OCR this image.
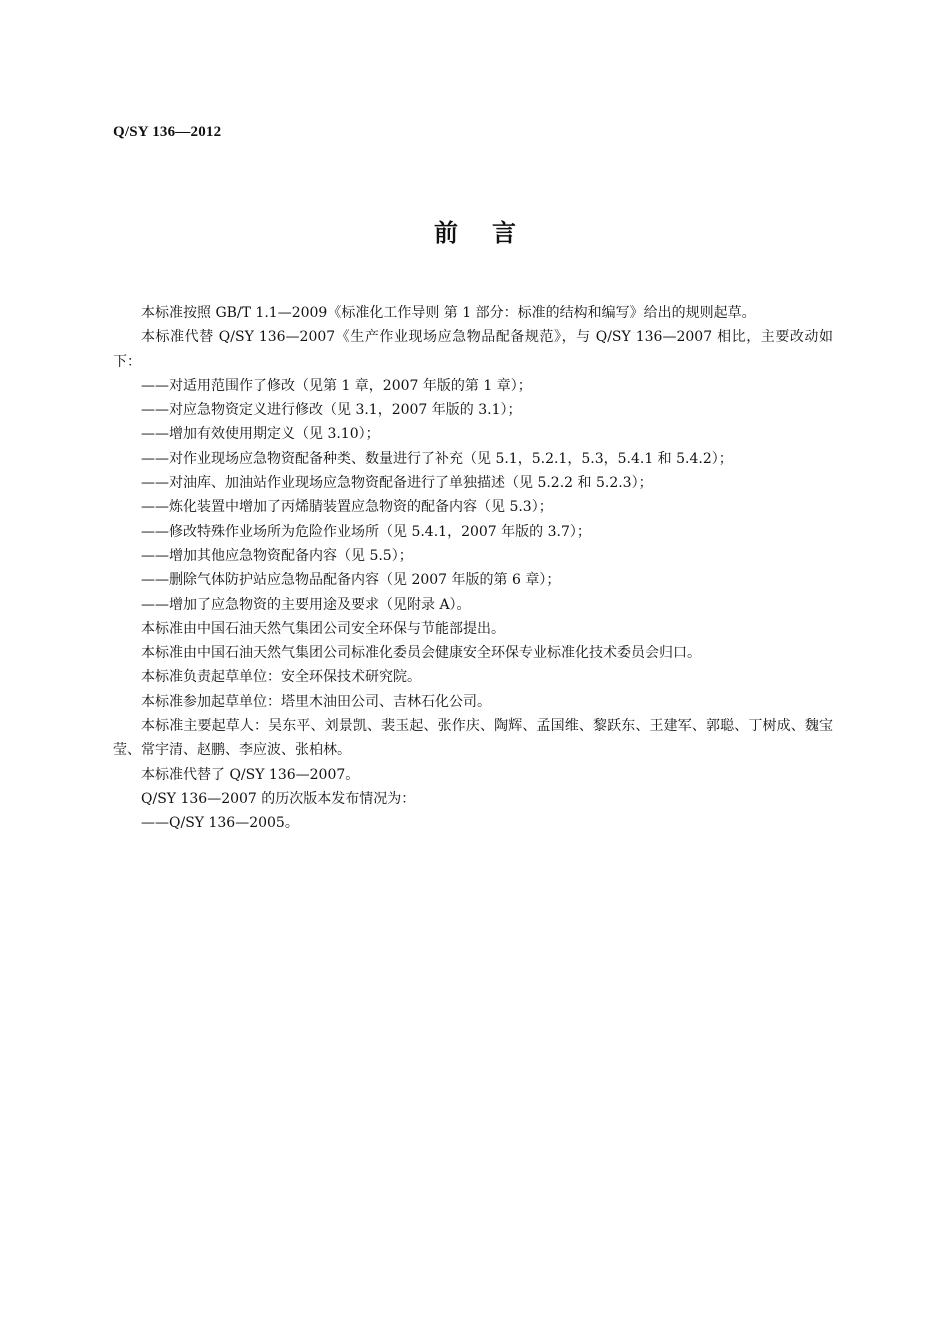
Q/SY 136—2012
前言

本标准按照 GB/T 1.1—2009《标准化工作导则 第 1 部分：标准的结构和编写》给出的规则起草。

本标准代替 Q/SY 136—2007《生产作业现场应急物品配备规范》，与 Q/SY 136—2007 相比，主要改动如下：

——对适用范围作了修改（见第 1 章，2007 年版的第 1 章）；

——对应急物资定义进行修改（见 3.1，2007 年版的 3.1）；

——增加有效使用期定义（见 3.10）；

——对作业现场应急物资配备种类、数量进行了补充（见 5.1，5.2.1，5.3，5.4.1 和 5.4.2）；

——对油库、加油站作业现场应急物资配备进行了单独描述（见 5.2.2 和 5.2.3）；

——炼化装置中增加了丙烯腈装置应急物资的配备内容（见 5.3）；

——修改特殊作业场所为危险作业场所（见 5.4.1，2007 年版的 3.7）；

——增加其他应急物资配备内容（见 5.5）；

——删除气体防护站应急物品配备内容（见 2007 年版的第 6 章）；

——增加了应急物资的主要用途及要求（见附录 A）。

本标准由中国石油天然气集团公司安全环保与节能部提出。

本标准由中国石油天然气集团公司标准化委员会健康安全环保专业标准化技术委员会归口。

本标准负责起草单位：安全环保技术研究院。

本标准参加起草单位：塔里木油田公司、吉林石化公司。

本标准主要起草人：吴东平、刘景凯、裴玉起、张作庆、陶辉、孟国维、黎跃东、王建军、郭聪、丁树成、魏宝莹、常宇清、赵鹏、李应波、张柏林。

本标准代替了 Q/SY 136—2007。

Q/SY 136—2007 的历次版本发布情况为：

——Q/SY 136—2005。
